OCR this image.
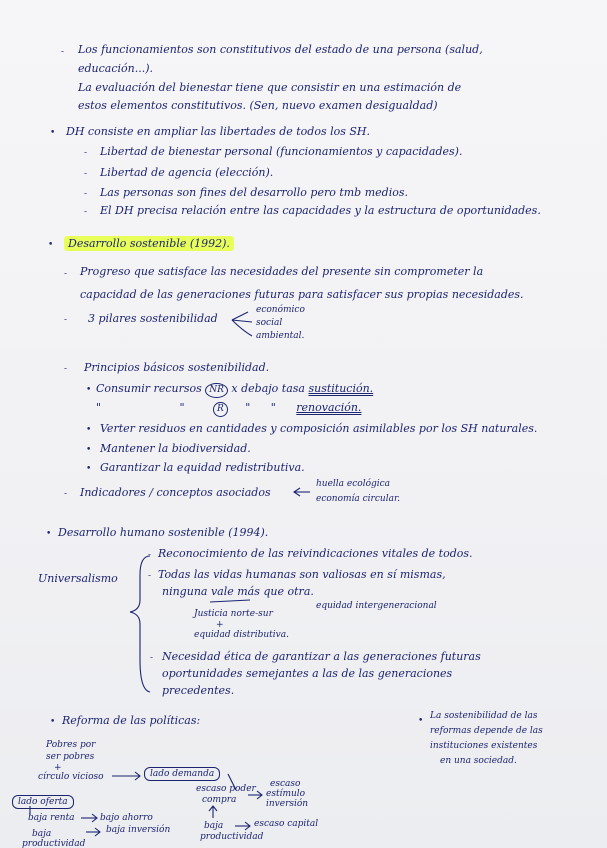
- Los funcionamientos son constitutivos del estado de una persona (salud,
educación...).
La evaluación del bienestar tiene que consistir en una estimación de
estos elementos constitutivos. (Sen, nuevo examen desigualdad)
• DH consiste en ampliar las libertades de todos los SH.
- Libertad de bienestar personal (funcionamientos y capacidades).
- Libertad de agencia (elección).
- Las personas son fines del desarrollo pero tmb medios.
- El DH precisa relación entre las capacidades y la estructura de oportunidades.
•	Desarrollo sostenible (1992).
- Progreso que satisface las necesidades del presente sin comprometer la
capacidad de las generaciones futuras para satisfacer sus propias necesidades.
- 3 pilares sostenibilidad
económico
social
ambiental.
- Principios básicos sostenibilidad.
• Consumir recursos NR x debajo tasa sustitución.
"	"	R " " renovación.
• Verter residuos en cantidades y composición asimilables por los SH naturales.
• Mantener la biodiversidad.
• Garantizar la equidad redistributiva.
- Indicadores / conceptos asociados
huella ecológica
economía circular.
• Desarrollo humano sostenible (1994).
Universalismo
- Reconocimiento de las reivindicaciones vitales de todos.
- Todas las vidas humanas son valiosas en sí mismas,
ninguna vale más que otra.
Justicia norte-sur
equidad intergeneracional
+
equidad distributiva.
- Necesidad ética de garantizar a las generaciones futuras
oportunidades semejantes a las de las generaciones
precedentes.
• Reforma de las políticas:	• La sostenibilidad de las
reformas depende de las
instituciones existentes
en una sociedad.
Pobres por
ser pobres
+
círculo vicioso	lado demanda
lado oferta
escaso poder
compra
escaso
estímulo
inversión
baja renta	bajo ahorro
baja inversión	baja
productividad
escaso capital
baja
productividad
